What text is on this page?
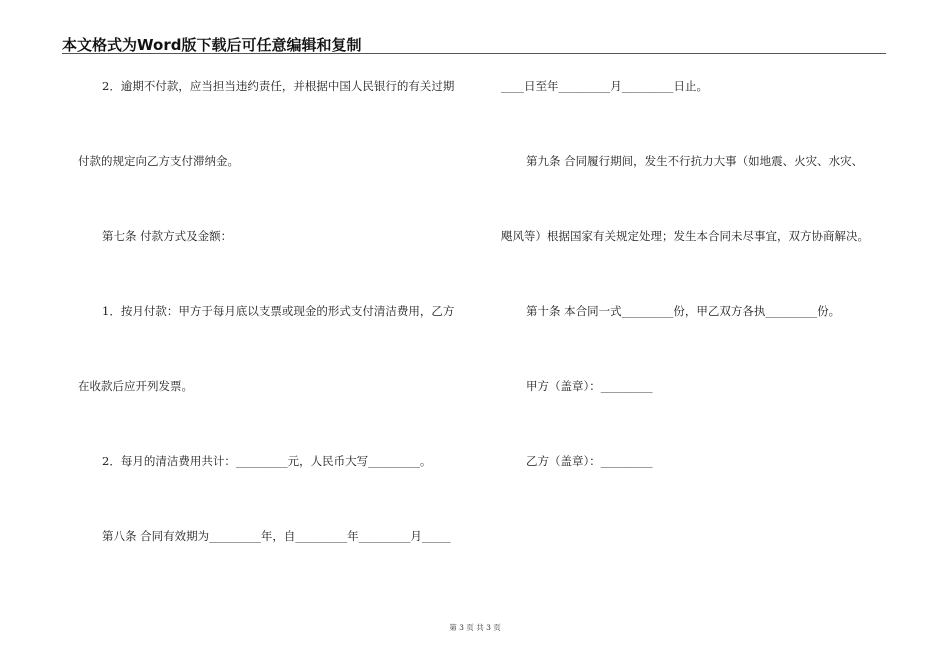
本文格式为Word版下载后可任意编辑和复制
2．逾期不付款，应当担当违约责任，并根据中国人民银行的有关过期
付款的规定向乙方支付滞纳金。
第七条 付款方式及金额：
1．按月付款：甲方于每月底以支票或现金的形式支付清洁费用，乙方
在收款后应开列发票。
2．每月的清洁费用共计：_________元，人民币大写_________。
第八条 合同有效期为_________年，自_________年_________月_____
____日至年_________月_________日止。
第九条 合同履行期间，发生不行抗力大事（如地震、火灾、水灾、
飓风等）根据国家有关规定处理；发生本合同未尽事宜，双方协商解决。
第十条 本合同一式_________份，甲乙双方各执_________份。
甲方（盖章）：_________
乙方（盖章）：_________
第 3 页 共 3 页
